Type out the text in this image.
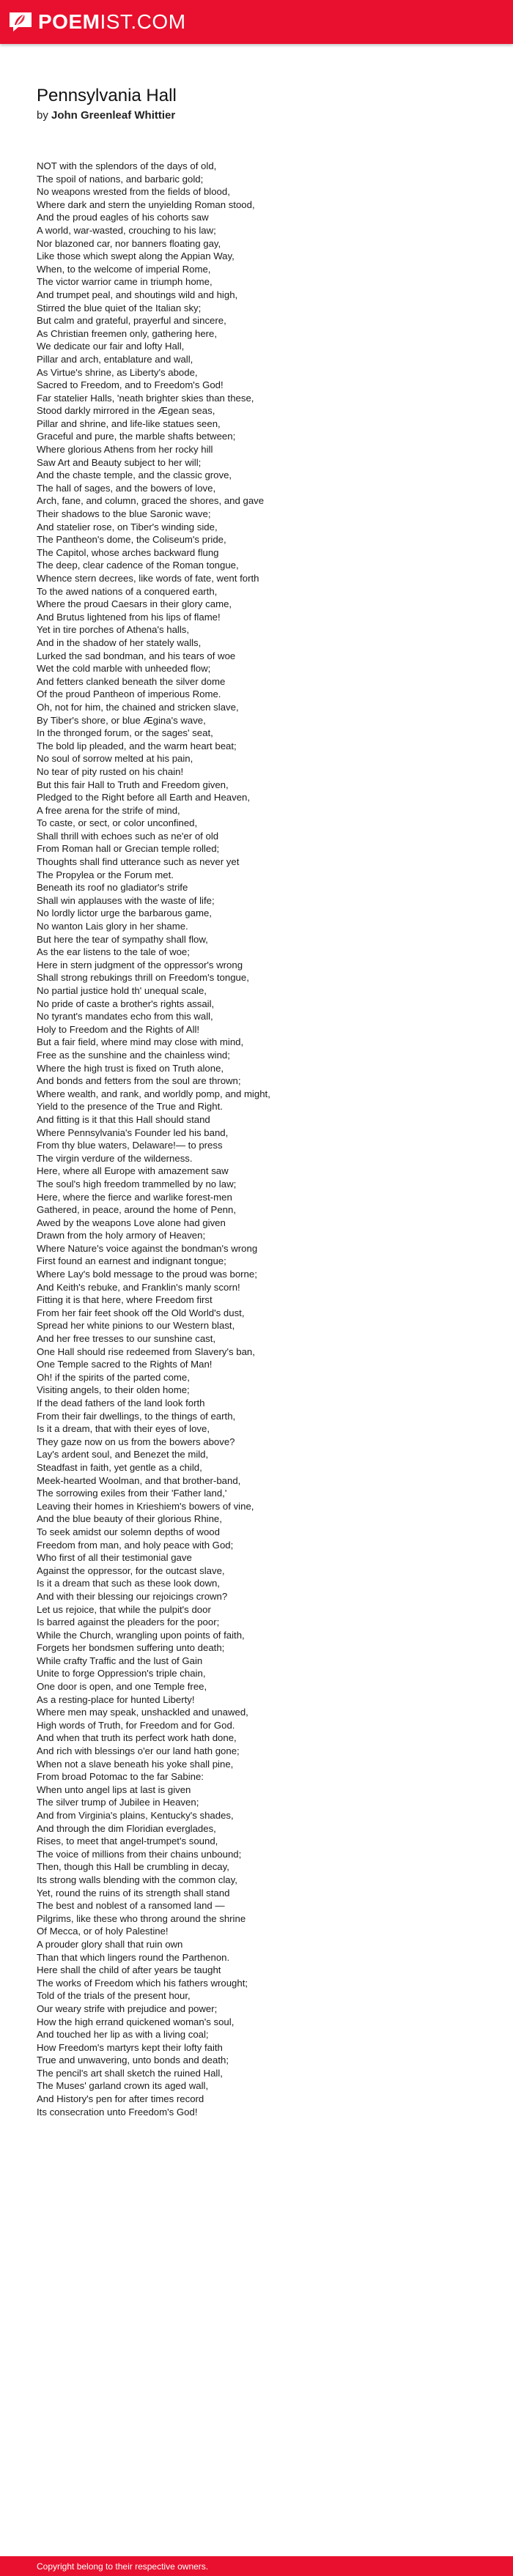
POEMIST.COM
Pennsylvania Hall
by John Greenleaf Whittier
NOT with the splendors of the days of old,
The spoil of nations, and barbaric gold;
No weapons wrested from the fields of blood,
Where dark and stern the unyielding Roman stood,
And the proud eagles of his cohorts saw
A world, war-wasted, crouching to his law;
Nor blazoned car, nor banners floating gay,
Like those which swept along the Appian Way,
When, to the welcome of imperial Rome,
The victor warrior came in triumph home,
And trumpet peal, and shoutings wild and high,
Stirred the blue quiet of the Italian sky;
But calm and grateful, prayerful and sincere,
As Christian freemen only, gathering here,
We dedicate our fair and lofty Hall,
Pillar and arch, entablature and wall,
As Virtue's shrine, as Liberty's abode,
Sacred to Freedom, and to Freedom's God!
Far statelier Halls, 'neath brighter skies than these,
Stood darkly mirrored in the Ægean seas,
Pillar and shrine, and life-like statues seen,
Graceful and pure, the marble shafts between;
Where glorious Athens from her rocky hill
Saw Art and Beauty subject to her will;
And the chaste temple, and the classic grove,
The hall of sages, and the bowers of love,
Arch, fane, and column, graced the shores, and gave
Their shadows to the blue Saronic wave;
And statelier rose, on Tiber's winding side,
The Pantheon's dome, the Coliseum's pride,
The Capitol, whose arches backward flung
The deep, clear cadence of the Roman tongue,
Whence stern decrees, like words of fate, went forth
To the awed nations of a conquered earth,
Where the proud Caesars in their glory came,
And Brutus lightened from his lips of flame!
Yet in tire porches of Athena's halls,
And in the shadow of her stately walls,
Lurked the sad bondman, and his tears of woe
Wet the cold marble with unheeded flow;
And fetters clanked beneath the silver dome
Of the proud Pantheon of imperious Rome.
Oh, not for him, the chained and stricken slave,
By Tiber's shore, or blue Ægina's wave,
In the thronged forum, or the sages' seat,
The bold lip pleaded, and the warm heart beat;
No soul of sorrow melted at his pain,
No tear of pity rusted on his chain!
But this fair Hall to Truth and Freedom given,
Pledged to the Right before all Earth and Heaven,
A free arena for the strife of mind,
To caste, or sect, or color unconfined,
Shall thrill with echoes such as ne'er of old
From Roman hall or Grecian temple rolled;
Thoughts shall find utterance such as never yet
The Propylea or the Forum met.
Beneath its roof no gladiator's strife
Shall win applauses with the waste of life;
No lordly lictor urge the barbarous game,
No wanton Lais glory in her shame.
But here the tear of sympathy shall flow,
As the ear listens to the tale of woe;
Here in stern judgment of the oppressor's wrong
Shall strong rebukings thrill on Freedom's tongue,
No partial justice hold th' unequal scale,
No pride of caste a brother's rights assail,
No tyrant's mandates echo from this wall,
Holy to Freedom and the Rights of All!
But a fair field, where mind may close with mind,
Free as the sunshine and the chainless wind;
Where the high trust is fixed on Truth alone,
And bonds and fetters from the soul are thrown;
Where wealth, and rank, and worldly pomp, and might,
Yield to the presence of the True and Right.
And fitting is it that this Hall should stand
Where Pennsylvania's Founder led his band,
From thy blue waters, Delaware!— to press
The virgin verdure of the wilderness.
Here, where all Europe with amazement saw
The soul's high freedom trammelled by no law;
Here, where the fierce and warlike forest-men
Gathered, in peace, around the home of Penn,
Awed by the weapons Love alone had given
Drawn from the holy armory of Heaven;
Where Nature's voice against the bondman's wrong
First found an earnest and indignant tongue;
Where Lay's bold message to the proud was borne;
And Keith's rebuke, and Franklin's manly scorn!
Fitting it is that here, where Freedom first
From her fair feet shook off the Old World's dust,
Spread her white pinions to our Western blast,
And her free tresses to our sunshine cast,
One Hall should rise redeemed from Slavery's ban,
One Temple sacred to the Rights of Man!
Oh! if the spirits of the parted come,
Visiting angels, to their olden home;
If the dead fathers of the land look forth
From their fair dwellings, to the things of earth,
Is it a dream, that with their eyes of love,
They gaze now on us from the bowers above?
Lay's ardent soul, and Benezet the mild,
Steadfast in faith, yet gentle as a child,
Meek-hearted Woolman, and that brother-band,
The sorrowing exiles from their 'Father land,'
Leaving their homes in Krieshiem's bowers of vine,
And the blue beauty of their glorious Rhine,
To seek amidst our solemn depths of wood
Freedom from man, and holy peace with God;
Who first of all their testimonial gave
Against the oppressor, for the outcast slave,
Is it a dream that such as these look down,
And with their blessing our rejoicings crown?
Let us rejoice, that while the pulpit's door
Is barred against the pleaders for the poor;
While the Church, wrangling upon points of faith,
Forgets her bondsmen suffering unto death;
While crafty Traffic and the lust of Gain
Unite to forge Oppression's triple chain,
One door is open, and one Temple free,
As a resting-place for hunted Liberty!
Where men may speak, unshackled and unawed,
High words of Truth, for Freedom and for God.
And when that truth its perfect work hath done,
And rich with blessings o'er our land hath gone;
When not a slave beneath his yoke shall pine,
From broad Potomac to the far Sabine:
When unto angel lips at last is given
The silver trump of Jubilee in Heaven;
And from Virginia's plains, Kentucky's shades,
And through the dim Floridian everglades,
Rises, to meet that angel-trumpet's sound,
The voice of millions from their chains unbound;
Then, though this Hall be crumbling in decay,
Its strong walls blending with the common clay,
Yet, round the ruins of its strength shall stand
The best and noblest of a ransomed land —
Pilgrims, like these who throng around the shrine
Of Mecca, or of holy Palestine!
A prouder glory shall that ruin own
Than that which lingers round the Parthenon.
Here shall the child of after years be taught
The works of Freedom which his fathers wrought;
Told of the trials of the present hour,
Our weary strife with prejudice and power;
How the high errand quickened woman's soul,
And touched her lip as with a living coal;
How Freedom's martyrs kept their lofty faith
True and unwavering, unto bonds and death;
The pencil's art shall sketch the ruined Hall,
The Muses' garland crown its aged wall,
And History's pen for after times record
Its consecration unto Freedom's God!
Copyright belong to their respective owners.
